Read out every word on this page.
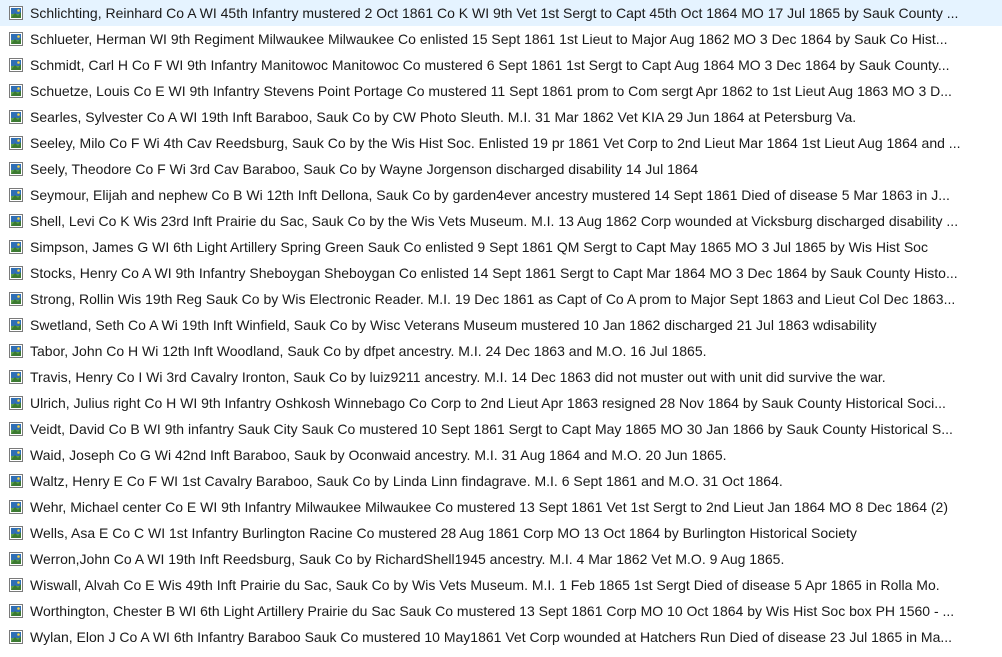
Schlichting, Reinhard Co A WI 45th Infantry mustered 2 Oct 1861 Co K WI 9th Vet 1st Sergt to Capt 45th Oct 1864 MO 17 Jul 1865 by Sauk County ...
Schlueter, Herman WI 9th Regiment Milwaukee Milwaukee Co enlisted 15 Sept 1861 1st Lieut to Major Aug 1862 MO 3 Dec 1864 by Sauk Co Hist...
Schmidt, Carl H Co F WI 9th Infantry Manitowoc Manitowoc Co mustered 6 Sept 1861 1st Sergt to Capt Aug 1864 MO 3 Dec 1864 by Sauk County...
Schuetze, Louis Co E WI 9th Infantry Stevens Point Portage Co mustered 11 Sept 1861 prom to Com sergt Apr 1862 to 1st Lieut Aug 1863 MO 3 D...
Searles, Sylvester Co A WI 19th Inft Baraboo, Sauk Co by CW Photo Sleuth. M.I. 31 Mar 1862 Vet KIA 29 Jun 1864 at Petersburg Va.
Seeley, Milo Co F Wi 4th Cav Reedsburg, Sauk Co by the Wis Hist Soc. Enlisted 19 pr 1861 Vet Corp to 2nd Lieut Mar 1864 1st Lieut Aug 1864 and ...
Seely, Theodore Co F Wi 3rd Cav Baraboo, Sauk Co by Wayne Jorgenson discharged disability 14 Jul 1864
Seymour, Elijah and nephew Co B Wi 12th Inft Dellona, Sauk Co by garden4ever ancestry mustered 14 Sept 1861 Died of disease 5 Mar 1863 in J...
Shell, Levi Co K Wis 23rd Inft Prairie du Sac, Sauk Co by the Wis Vets Museum. M.I. 13 Aug 1862 Corp wounded at Vicksburg discharged disability ...
Simpson, James G WI 6th Light Artillery Spring Green Sauk Co enlisted 9 Sept 1861 QM Sergt to Capt May 1865 MO 3 Jul 1865 by Wis Hist Soc
Stocks, Henry Co A WI 9th Infantry Sheboygan Sheboygan Co enlisted 14 Sept 1861 Sergt to Capt Mar 1864 MO 3 Dec 1864 by Sauk County Histo...
Strong, Rollin Wis 19th Reg Sauk Co by Wis Electronic Reader. M.I. 19 Dec 1861 as Capt of Co A prom to Major Sept 1863 and Lieut Col Dec 1863...
Swetland, Seth Co A Wi 19th Inft Winfield, Sauk Co by Wisc Veterans Museum mustered 10 Jan 1862 discharged 21 Jul 1863 wdisability
Tabor, John Co H Wi 12th Inft Woodland, Sauk Co by dfpet ancestry. M.I. 24 Dec 1863 and M.O. 16 Jul 1865.
Travis, Henry Co I Wi 3rd Cavalry Ironton, Sauk Co by luiz9211 ancestry. M.I. 14 Dec 1863 did not muster out with unit did survive the war.
Ulrich, Julius right Co H WI 9th Infantry Oshkosh Winnebago Co Corp to 2nd Lieut Apr 1863 resigned 28 Nov 1864 by Sauk County Historical Soci...
Veidt, David Co B WI 9th infantry Sauk City Sauk Co mustered 10 Sept 1861 Sergt to Capt May 1865 MO 30 Jan 1866 by Sauk County Historical S...
Waid, Joseph Co G Wi 42nd Inft Baraboo, Sauk by Oconwaid ancestry. M.I. 31 Aug 1864 and M.O. 20 Jun 1865.
Waltz, Henry E Co F WI 1st Cavalry Baraboo, Sauk Co by Linda Linn findagrave. M.I. 6 Sept 1861 and M.O. 31 Oct 1864.
Wehr, Michael center Co E WI 9th Infantry Milwaukee Milwaukee Co mustered 13 Sept 1861 Vet 1st Sergt to 2nd Lieut Jan 1864 MO 8 Dec 1864 (2)
Wells, Asa E Co C WI 1st Infantry Burlington Racine Co mustered 28 Aug 1861 Corp MO 13 Oct 1864 by Burlington Historical Society
Werron,John Co A WI 19th Inft Reedsburg, Sauk Co by RichardShell1945 ancestry. M.I. 4 Mar 1862 Vet M.O. 9 Aug 1865.
Wiswall, Alvah Co E Wis 49th Inft Prairie du Sac, Sauk Co by Wis Vets Museum. M.I. 1 Feb 1865 1st Sergt Died of disease 5 Apr 1865 in Rolla Mo.
Worthington, Chester B WI 6th Light Artillery Prairie du Sac Sauk Co mustered 13 Sept 1861 Corp MO 10 Oct 1864 by Wis Hist Soc box PH 1560 - ...
Wylan, Elon J Co A WI 6th Infantry Baraboo Sauk Co mustered 10 May1861 Vet Corp wounded at Hatchers Run Died of disease 23 Jul 1865 in Ma...
